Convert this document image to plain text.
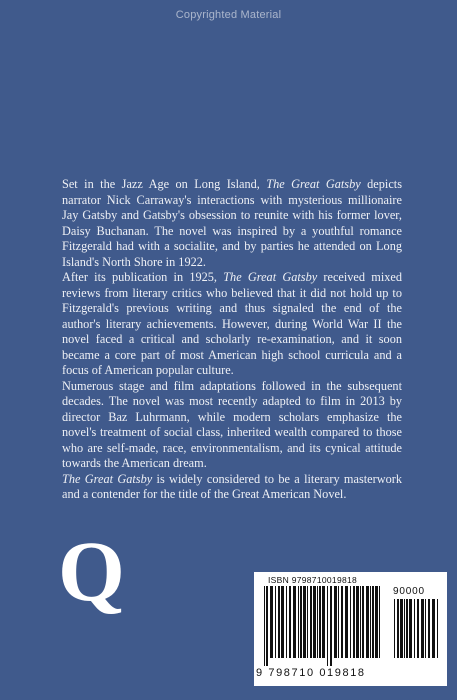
Copyrighted Material

Set in the Jazz Age on Long Island, The Great Gatsby depicts narrator Nick Carraway's interactions with mysterious millionaire Jay Gatsby and Gatsby's obsession to reunite with his former lover, Daisy Buchanan. The novel was inspired by a youthful romance Fitzgerald had with a socialite, and by parties he attended on Long Island's North Shore in 1922.

After its publication in 1925, The Great Gatsby received mixed reviews from literary critics who believed that it did not hold up to Fitzgerald's previous writing and thus signaled the end of the author's literary achievements. However, during World War II the novel faced a critical and scholarly re-examination, and it soon became a core part of most American high school curricula and a focus of American popular culture.

Numerous stage and film adaptations followed in the subsequent decades. The novel was most recently adapted to film in 2013 by director Baz Luhrmann, while modern scholars emphasize the novel's treatment of social class, inherited wealth compared to those who are self-made, race, environmentalism, and its cynical attitude towards the American dream.

The Great Gatsby is widely considered to be a literary masterwork and a contender for the title of the Great American Novel.

Q	ISBN 9798710019818
90000
9 798710 019818
